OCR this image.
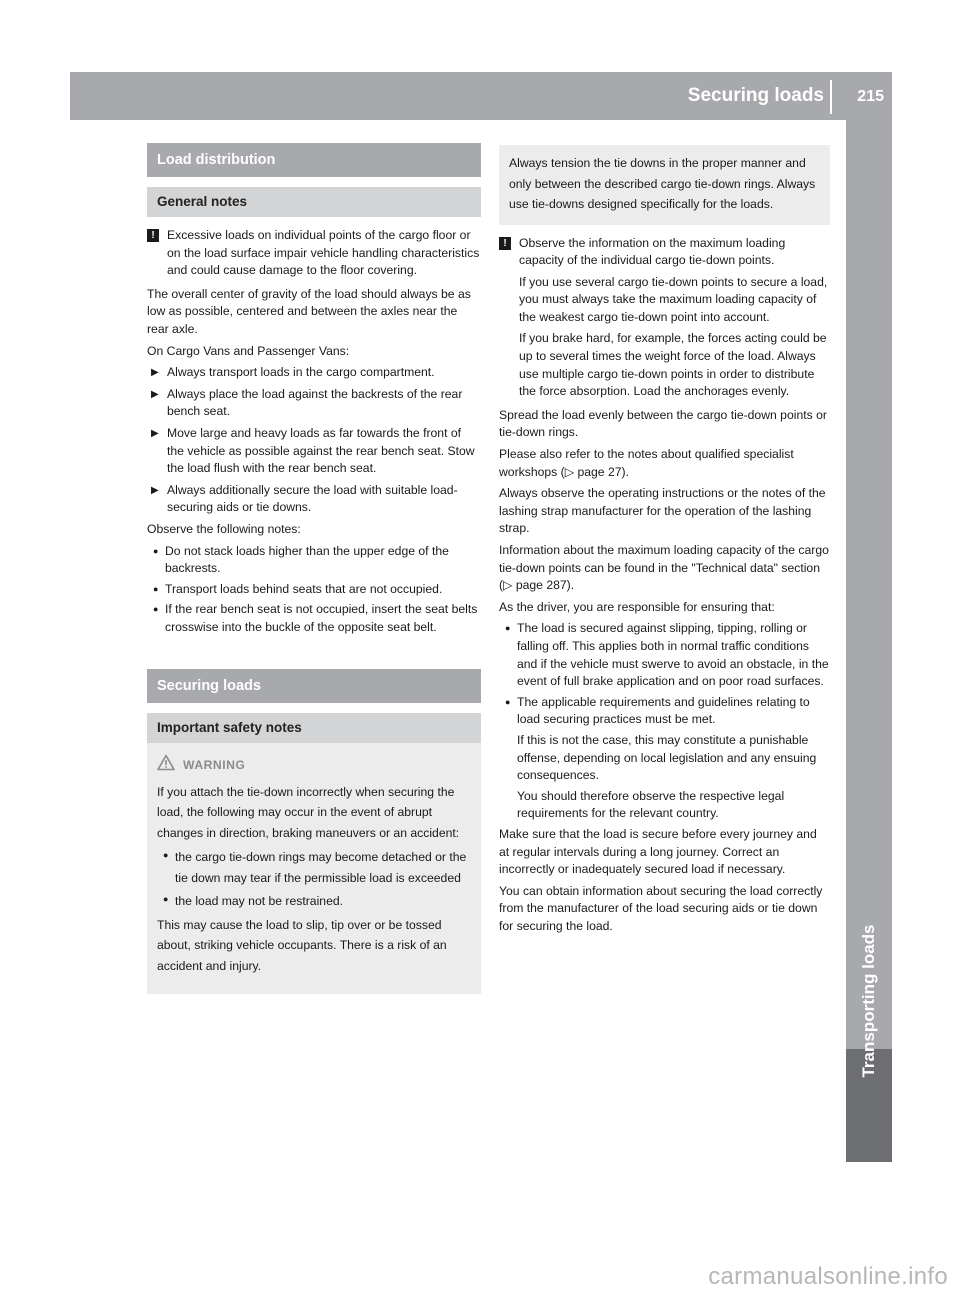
Securing loads 215
Transporting loads
Load distribution
General notes
!	Excessive loads on individual points of the cargo floor or on the load surface impair vehicle handling characteristics and could cause damage to the floor covering.

The overall center of gravity of the load should always be as low as possible, centered and between the axles near the rear axle.

On Cargo Vans and Passenger Vans:

▶ Always transport loads in the cargo compartment.
▶ Always place the load against the backrests of the rear bench seat.
▶ Move large and heavy loads as far towards the front of the vehicle as possible against the rear bench seat. Stow the load flush with the rear bench seat.
▶ Always additionally secure the load with suitable load-securing aids or tie downs.

Observe the following notes:

● Do not stack loads higher than the upper edge of the backrests.
● Transport loads behind seats that are not occupied.
● If the rear bench seat is not occupied, insert the seat belts crosswise into the buckle of the opposite seat belt.
Securing loads
Important safety notes
WARNING

If you attach the tie-down incorrectly when securing the load, the following may occur in the event of abrupt changes in direction, braking maneuvers or an accident:

● the cargo tie-down rings may become detached or the tie down may tear if the permissible load is exceeded
● the load may not be restrained.

This may cause the load to slip, tip over or be tossed about, striking vehicle occupants. There is a risk of an accident and injury.

Always tension the tie downs in the proper manner and only between the described cargo tie-down rings. Always use tie-downs designed specifically for the loads.
!	Observe the information on the maximum loading capacity of the individual cargo tie-down points.

If you use several cargo tie-down points to secure a load, you must always take the maximum loading capacity of the weakest cargo tie-down point into account.

If you brake hard, for example, the forces acting could be up to several times the weight force of the load. Always use multiple cargo tie-down points in order to distribute the force absorption. Load the anchorages evenly.

Spread the load evenly between the cargo tie-down points or tie-down rings.

Please also refer to the notes about qualified specialist workshops (▷ page 27).

Always observe the operating instructions or the notes of the lashing strap manufacturer for the operation of the lashing strap.

Information about the maximum loading capacity of the cargo tie-down points can be found in the "Technical data" section (▷ page 287).

As the driver, you are responsible for ensuring that:

● The load is secured against slipping, tipping, rolling or falling off. This applies both in normal traffic conditions and if the vehicle must swerve to avoid an obstacle, in the event of full brake application and on poor road surfaces.
● The applicable requirements and guidelines relating to load securing practices must be met.

If this is not the case, this may constitute a punishable offense, depending on local legislation and any ensuing consequences.

You should therefore observe the respective legal requirements for the relevant country.

Make sure that the load is secure before every journey and at regular intervals during a long journey. Correct an incorrectly or inadequately secured load if necessary.

You can obtain information about securing the load correctly from the manufacturer of the load securing aids or tie down for securing the load.

carmanualsonline.info
